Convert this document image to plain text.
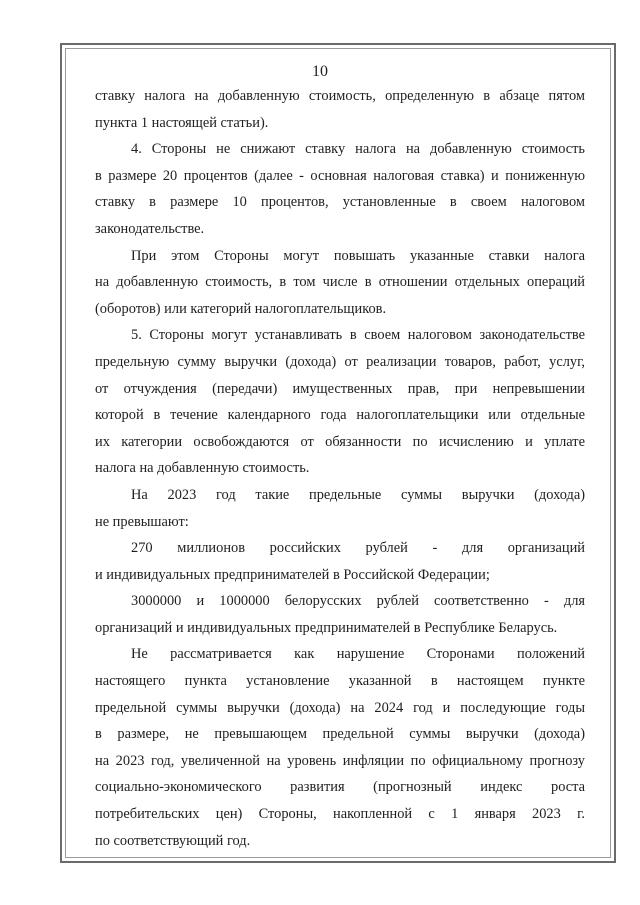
10

ставку налога на добавленную стоимость, определенную в абзаце пятом

пункта 1 настоящей статьи).

4. Стороны не снижают ставку налога на добавленную стоимость

в размере 20 процентов (далее - основная налоговая ставка) и пониженную

ставку в размере 10 процентов, установленные в своем налоговом

законодательстве.

При этом Стороны могут повышать указанные ставки налога

на добавленную стоимость, в том числе в отношении отдельных операций

(оборотов) или категорий налогоплательщиков.

5. Стороны могут устанавливать в своем налоговом законодательстве

предельную сумму выручки (дохода) от реализации товаров, работ, услуг,

от отчуждения (передачи) имущественных прав, при непревышении

которой в течение календарного года налогоплательщики или отдельные

их категории освобождаются от обязанности по исчислению и уплате

налога на добавленную стоимость.

На 2023 год такие предельные суммы выручки (дохода)

не превышают:

270 миллионов российских рублей - для организаций

и индивидуальных предпринимателей в Российской Федерации;

3000000 и 1000000 белорусских рублей соответственно - для

организаций и индивидуальных предпринимателей в Республике Беларусь.

Не рассматривается как нарушение Сторонами положений

настоящего пункта установление указанной в настоящем пункте

предельной суммы выручки (дохода) на 2024 год и последующие годы

в размере, не превышающем предельной суммы выручки (дохода)

на 2023 год, увеличенной на уровень инфляции по официальному прогнозу

социально-экономического развития (прогнозный индекс роста

потребительских цен) Стороны, накопленной с 1 января 2023 г.

по соответствующий год.
